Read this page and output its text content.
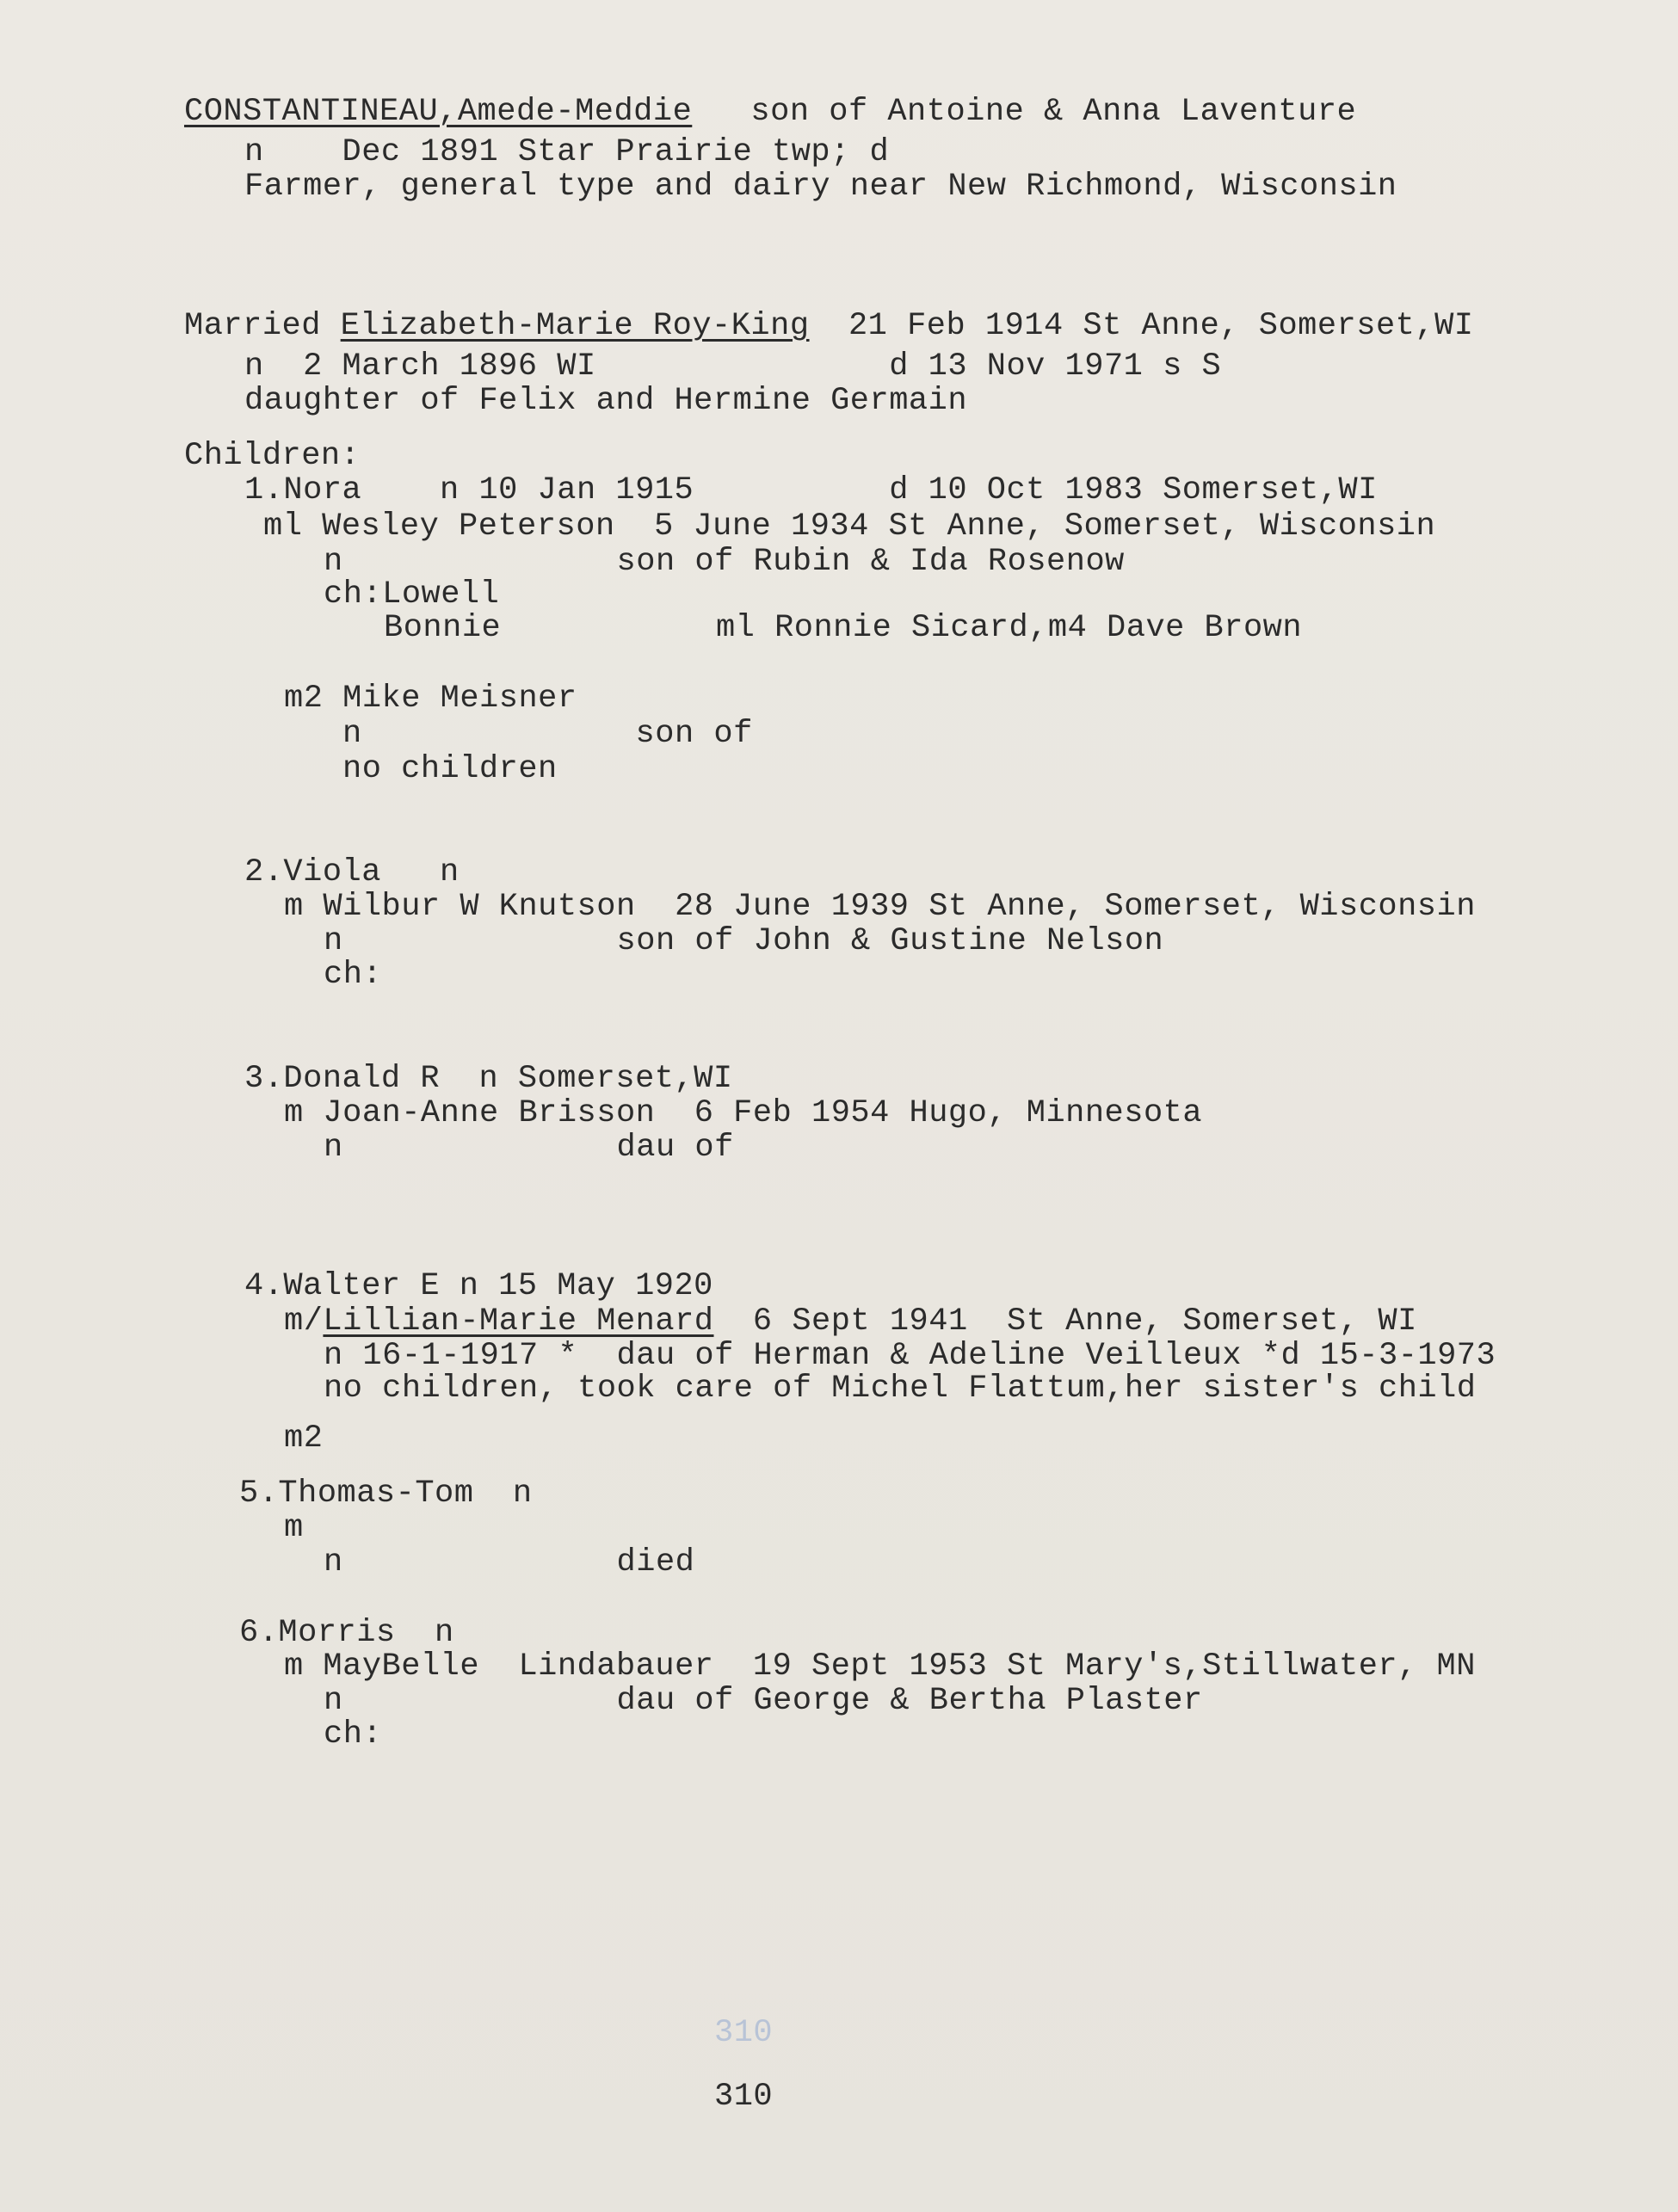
CONSTANTINEAU,Amede-Meddie son of Antoine & Anna Laventure
n    Dec 1891 Star Prairie twp; d
Farmer, general type and dairy near New Richmond, Wisconsin
Married Elizabeth-Marie Roy-King 21 Feb 1914 St Anne, Somerset,WI
n  2 March 1896 WI               d 13 Nov 1971 s S
daughter of Felix and Hermine Germain
Children:
1.Nora    n 10 Jan 1915          d 10 Oct 1983 Somerset,WI
ml Wesley Peterson  5 June 1934 St Anne, Somerset, Wisconsin
n              son of Rubin & Ida Rosenow
ch:Lowell
Bonnie           ml Ronnie Sicard,m4 Dave Brown
m2 Mike Meisner
n              son of
no children
2.Viola   n
m Wilbur W Knutson  28 June 1939 St Anne, Somerset, Wisconsin
n              son of John & Gustine Nelson
ch:
3.Donald R  n Somerset,WI
m Joan-Anne Brisson  6 Feb 1954 Hugo, Minnesota
n              dau of
4.Walter E n 15 May 1920
m/Lillian-Marie Menard  6 Sept 1941  St Anne, Somerset, WI
n 16-1-1917 *  dau of Herman & Adeline Veilleux *d 15-3-1973
no children, took care of Michel Flattum,her sister's child
m2
5.Thomas-Tom  n
m
n              died
6.Morris  n
m MayBelle  Lindabauer  19 Sept 1953 St Mary's,Stillwater, MN
n              dau of George & Bertha Plaster
ch:
310
310
